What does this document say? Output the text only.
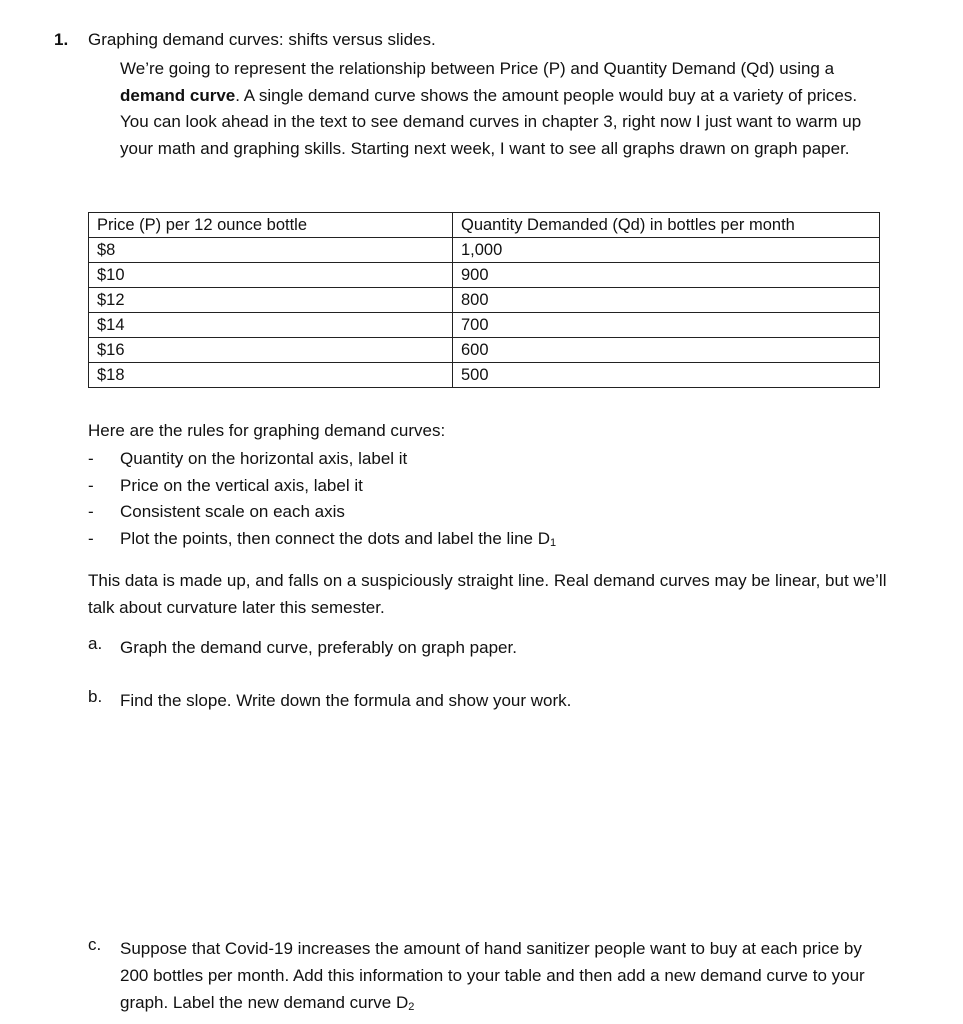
1. Graphing demand curves: shifts versus slides.
We’re going to represent the relationship between Price (P) and Quantity Demand (Qd) using a demand curve. A single demand curve shows the amount people would buy at a variety of prices. You can look ahead in the text to see demand curves in chapter 3, right now I just want to warm up your math and graphing skills. Starting next week, I want to see all graphs drawn on graph paper.
Price (P) per 12 ounce bottle	Quantity Demanded (Qd) in bottles per month
$8	1,000
$10	900
$12	800
$14	700
$16	600
$18	500
Here are the rules for graphing demand curves:
- Quantity on the horizontal axis, label it
- Price on the vertical axis, label it
- Consistent scale on each axis
- Plot the points, then connect the dots and label the line $D_1$
This data is made up, and falls on a suspiciously straight line. Real demand curves may be linear, but we’ll talk about curvature later this semester.
a. Graph the demand curve, preferably on graph paper.
b. Find the slope. Write down the formula and show your work.
c. Suppose that Covid-19 increases the amount of hand sanitizer people want to buy at each price by 200 bottles per month. Add this information to your table and then add a new demand curve to your graph. Label the new demand curve $D_2$
